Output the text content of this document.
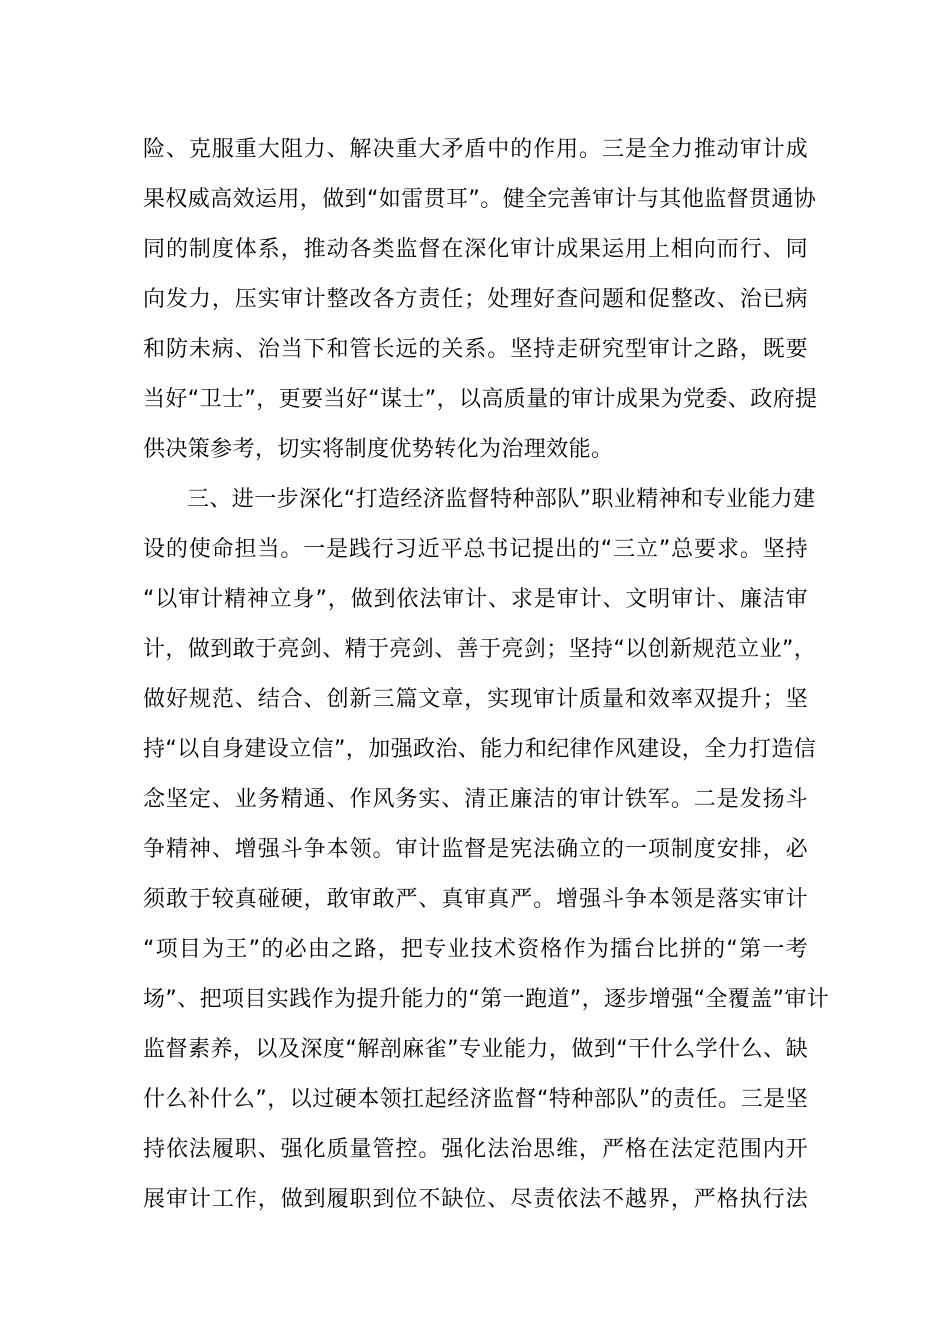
险、克服重大阻力、解决重大矛盾中的作用。三是全力推动审计成
果权威高效运用，做到“如雷贯耳”。健全完善审计与其他监督贯通协
同的制度体系，推动各类监督在深化审计成果运用上相向而行、同
向发力，压实审计整改各方责任；处理好查问题和促整改、治已病
和防未病、治当下和管长远的关系。坚持走研究型审计之路，既要
当好“卫士”，更要当好“谋士”，以高质量的审计成果为党委、政府提
供决策参考，切实将制度优势转化为治理效能。
三、进一步深化“打造经济监督特种部队”职业精神和专业能力建
设的使命担当。一是践行习近平总书记提出的“三立”总要求。坚持
“以审计精神立身”，做到依法审计、求是审计、文明审计、廉洁审
计，做到敢于亮剑、精于亮剑、善于亮剑；坚持“以创新规范立业”，
做好规范、结合、创新三篇文章，实现审计质量和效率双提升；坚
持“以自身建设立信”，加强政治、能力和纪律作风建设，全力打造信
念坚定、业务精通、作风务实、清正廉洁的审计铁军。二是发扬斗
争精神、增强斗争本领。审计监督是宪法确立的一项制度安排，必
须敢于较真碰硬，敢审敢严、真审真严。增强斗争本领是落实审计
“项目为王”的必由之路，把专业技术资格作为擂台比拼的“第一考
场”、把项目实践作为提升能力的“第一跑道”，逐步增强“全覆盖”审计
监督素养，以及深度“解剖麻雀”专业能力，做到“干什么学什么、缺
什么补什么”，以过硬本领扛起经济监督“特种部队”的责任。三是坚
持依法履职、强化质量管控。强化法治思维，严格在法定范围内开
展审计工作，做到履职到位不缺位、尽责依法不越界，严格执行法
